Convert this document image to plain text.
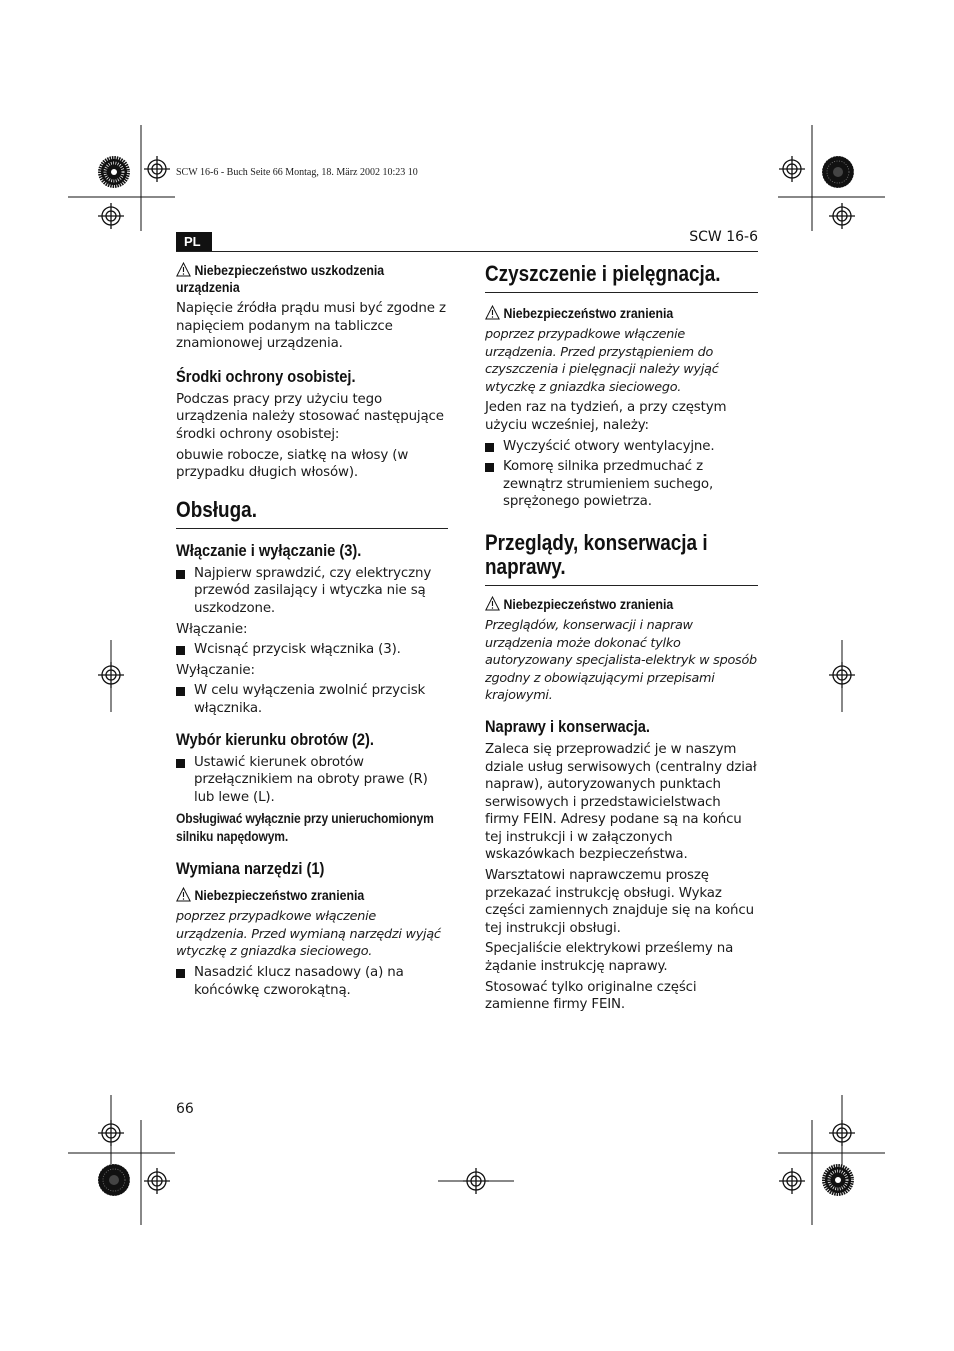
SCW 16-6 - Buch Seite 66 Montag, 18. März 2002 10:23 10
PL	SCW 16-6
Niebezpieczeństwo uszkodzenia
urządzenia

Napięcie źródła prądu musi być zgodne z napięciem podanym na tabliczce znamionowej urządzenia.

Środki ochrony osobistej.

Podczas pracy przy użyciu tego urządzenia należy stosować następujące środki ochrony osobistej:

obuwie robocze, siatkę na włosy (w przypadku długich włosów).

Obsługa.
Włączanie i wyłączanie (3).
Najpierw sprawdzić, czy elektryczny przewód zasilający i wtyczka nie są uszkodzone.

Włączanie:

Wcisnąć przycisk włącznika (3).

Wyłączanie:

W celu wyłączenia zwolnić przycisk włącznika.
Wybór kierunku obrotów (2).
Ustawić kierunek obrotów przełącznikiem na obroty prawe (R) lub lewe (L).

Obsługiwać wyłącznie przy unieruchomionym silniku napędowym.

Wymiana narzędzi (1)
Niebezpieczeństwo zranienia

poprzez przypadkowe włączenie urządzenia. Przed wymianą narzędzi wyjąć wtyczkę z gniazdka sieciowego.

Nasadzić klucz nasadowy (a) na końcówkę czworokątną.
Czyszczenie i pielęgnacja.
Niebezpieczeństwo zranienia

poprzez przypadkowe włączenie urządzenia. Przed przystąpieniem do czyszczenia i pielęgnacji należy wyjąć wtyczkę z gniazdka sieciowego.

Jeden raz na tydzień, a przy częstym użyciu wcześniej, należy:

Wyczyścić otwory wentylacyjne.
Komorę silnika przedmuchać z zewnątrz strumieniem suchego, sprężonego powietrza.
Przeglądy, konserwacja i naprawy.
Niebezpieczeństwo zranienia

Przeglądów, konserwacji i napraw urządzenia może dokonać tylko autoryzowany specjalista-elektryk w sposób zgodny z obowiązującymi przepisami krajowymi.

Naprawy i konserwacja.

Zaleca się przeprowadzić je w naszym dziale usług serwisowych (centralny dział napraw), autoryzowanych punktach serwisowych i przedstawicielstwach firmy FEIN. Adresy podane są na końcu tej instrukcji i w załączonych wskazówkach bezpieczeństwa.

Warsztatowi naprawczemu proszę przekazać instrukcję obsługi. Wykaz części zamiennych znajduje się na końcu tej instrukcji obsługi.

Specjaliście elektrykowi prześlemy na żądanie instrukcję naprawy.

Stosować tylko originalne części zamienne firmy FEIN.

66
